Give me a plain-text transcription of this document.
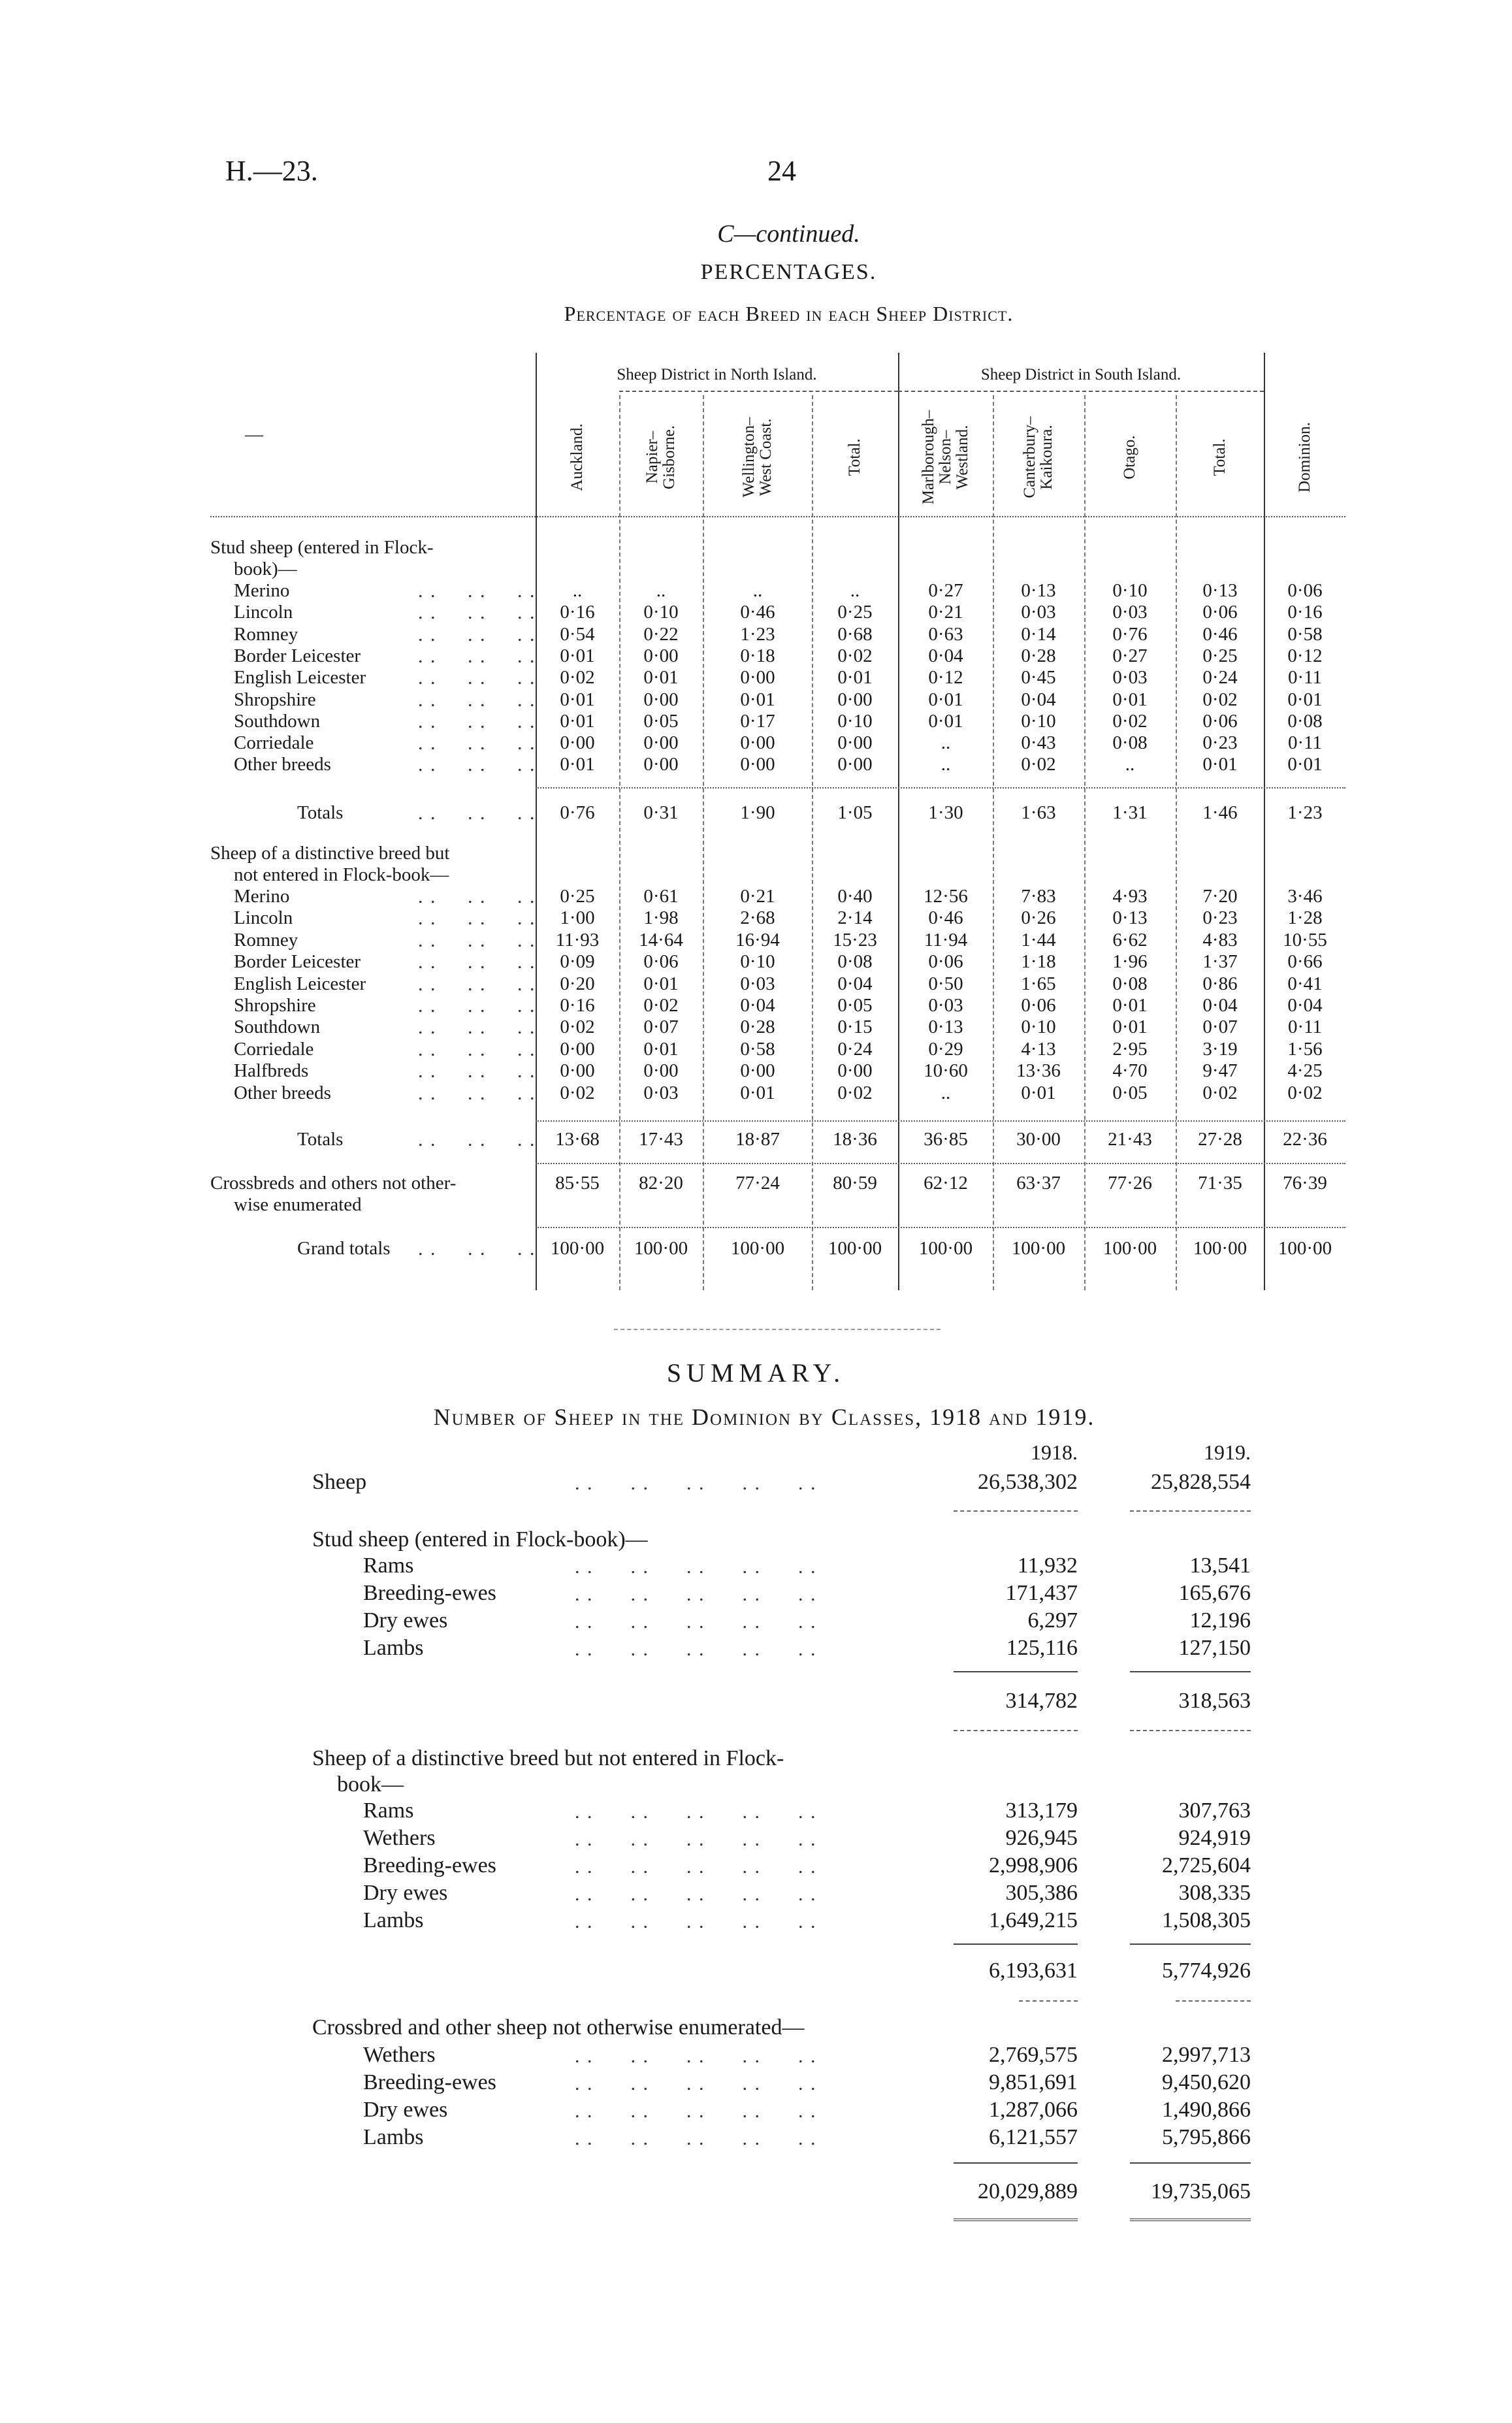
H.—23.	24
C—continued.
PERCENTAGES.
Percentage of each Breed in each Sheep District.
Sheep District in North Island.	Sheep District in South Island.
—	Auckland.	Napier–Gisborne.	Wellington–West Coast.	Total.	Marlborough–Nelson–Westland.	Canterbury–Kaikoura.	Otago.	Total.	Dominion.
Stud sheep (entered in Flock-
book)—
Merino	..	..	..	..	0·27	0·13	0·10	0·13	0·06
Lincoln	0·16	0·10	0·46	0·25	0·21	0·03	0·03	0·06	0·16
Romney	0·54	0·22	1·23	0·68	0·63	0·14	0·76	0·46	0·58
Border Leicester	0·01	0·00	0·18	0·02	0·04	0·28	0·27	0·25	0·12
English Leicester	0·02	0·01	0·00	0·01	0·12	0·45	0·03	0·24	0·11
Shropshire	0·01	0·00	0·01	0·00	0·01	0·04	0·01	0·02	0·01
Southdown	0·01	0·05	0·17	0·10	0·01	0·10	0·02	0·06	0·08
Corriedale	0·00	0·00	0·00	0·00	..	0·43	0·08	0·23	0·11
Other breeds	0·01	0·00	0·00	0·00	..	0·02	..	0·01	0·01
Totals	0·76	0·31	1·90	1·05	1·30	1·63	1·31	1·46	1·23
Sheep of a distinctive breed but
not entered in Flock-book—
Merino	0·25	0·61	0·21	0·40	12·56	7·83	4·93	7·20	3·46
Lincoln	1·00	1·98	2·68	2·14	0·46	0·26	0·13	0·23	1·28
Romney	11·93	14·64	16·94	15·23	11·94	1·44	6·62	4·83	10·55
Border Leicester	0·09	0·06	0·10	0·08	0·06	1·18	1·96	1·37	0·66
English Leicester	0·20	0·01	0·03	0·04	0·50	1·65	0·08	0·86	0·41
Shropshire	0·16	0·02	0·04	0·05	0·03	0·06	0·01	0·04	0·04
Southdown	0·02	0·07	0·28	0·15	0·13	0·10	0·01	0·07	0·11
Corriedale	0·00	0·01	0·58	0·24	0·29	4·13	2·95	3·19	1·56
Halfbreds	0·00	0·00	0·00	0·00	10·60	13·36	4·70	9·47	4·25
Other breeds	0·02	0·03	0·01	0·02	..	0·01	0·05	0·02	0·02
Totals	13·68	17·43	18·87	18·36	36·85	30·00	21·43	27·28	22·36
Crossbreds and others not other-
wise enumerated
85·55	82·20	77·24	80·59	62·12	63·37	77·26	71·35	76·39
Grand totals	100·00	100·00	100·00	100·00	100·00	100·00	100·00	100·00	100·00
. .     . .     . .
. .     . .     . .
. .     . .     . .
. .     . .     . .
. .     . .     . .
. .     . .     . .
. .     . .     . .
. .     . .     . .
. .     . .     . .
. .     . .     . .
. .     . .     . .
. .     . .     . .
. .     . .     . .
. .     . .     . .
. .     . .     . .
. .     . .     . .
. .     . .     . .
. .     . .     . .
. .     . .     . .
. .     . .     . .
. .     . .     . .
. .     . .     . .
SUMMARY.
Number of Sheep in the Dominion by Classes, 1918 and 1919.
1918.	1919.
Sheep	. .      . .      . .      . .      . .	26,538,302	25,828,554
Stud sheep (entered in Flock-book)—
Rams	. .      . .      . .      . .      . .	11,932	13,541
Breeding-ewes	. .      . .      . .      . .      . .	171,437	165,676
Dry ewes	. .      . .      . .      . .      . .	6,297	12,196
Lambs	. .      . .      . .      . .      . .	125,116	127,150
314,782	318,563
Sheep of a distinctive breed but not entered in Flock-
book—
Rams	. .      . .      . .      . .      . .	313,179	307,763
Wethers	. .      . .      . .      . .      . .	926,945	924,919
Breeding-ewes	. .      . .      . .      . .      . .	2,998,906	2,725,604
Dry ewes	. .      . .      . .      . .      . .	305,386	308,335
Lambs	. .      . .      . .      . .      . .	1,649,215	1,508,305
6,193,631	5,774,926
Crossbred and other sheep not otherwise enumerated—
Wethers	. .      . .      . .      . .      . .	2,769,575	2,997,713
Breeding-ewes	. .      . .      . .      . .      . .	9,851,691	9,450,620
Dry ewes	. .      . .      . .      . .      . .	1,287,066	1,490,866
Lambs	. .      . .      . .      . .      . .	6,121,557	5,795,866
20,029,889	19,735,065
